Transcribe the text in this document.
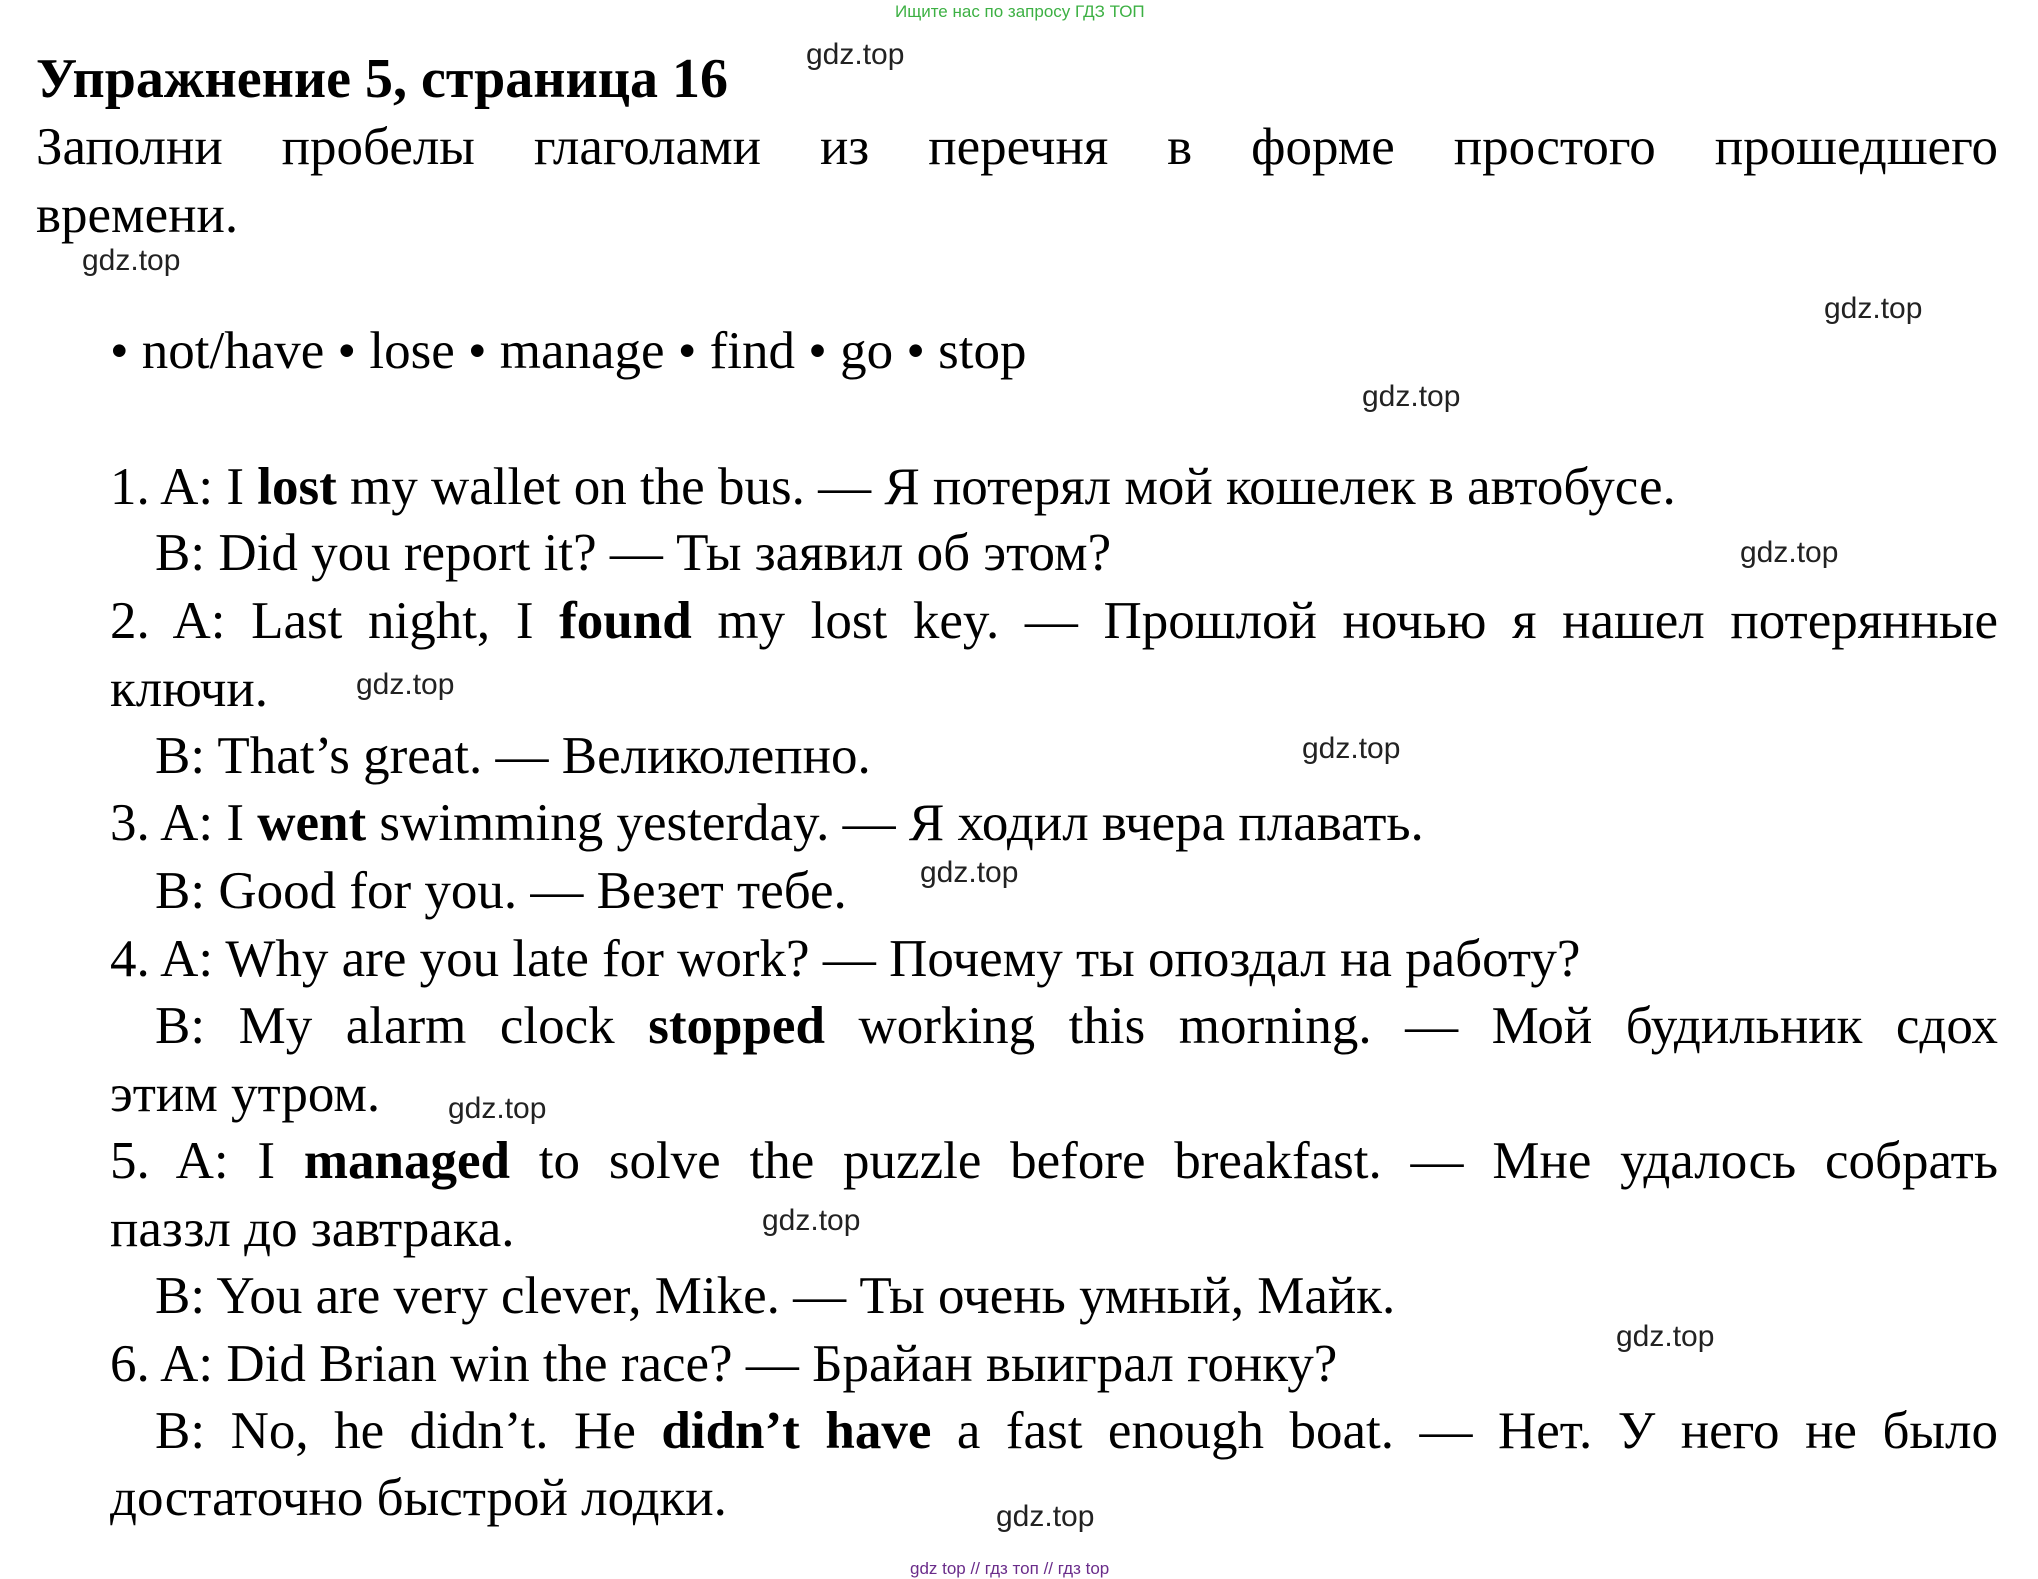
Ищите нас по запросу ГДЗ ТОП
Упражнение 5, страница 16
Заполни пробелы глаголами из перечня в форме простого прошедшего
времени.
• not/have • lose • manage • find • go • stop
1. A: I lost my wallet on the bus. — Я потерял мой кошелек в автобусе.
B: Did you report it? — Ты заявил об этом?
2. A: Last night, I found my lost key. — Прошлой ночью я нашел потерянные
ключи.
B: That’s great. — Великолепно.
3. A: I went swimming yesterday. — Я ходил вчера плавать.
B: Good for you. — Везет тебе.
4. A: Why are you late for work? — Почему ты опоздал на работу?
B: My alarm clock stopped working this morning. — Мой будильник сдох
этим утром.
5. A: I managed to solve the puzzle before breakfast. — Мне удалось собрать
паззл до завтрака.
B: You are very clever, Mike. — Ты очень умный, Майк.
6. A: Did Brian win the race? — Брайан выиграл гонку?
B: No, he didn’t. He didn’t have a fast enough boat. — Нет. У него не было
достаточно быстрой лодки.
gdz.top
gdz.top
gdz.top
gdz.top
gdz.top
gdz.top
gdz.top
gdz.top
gdz.top
gdz.top
gdz.top
gdz.top
gdz top // гдз топ // гдз top
